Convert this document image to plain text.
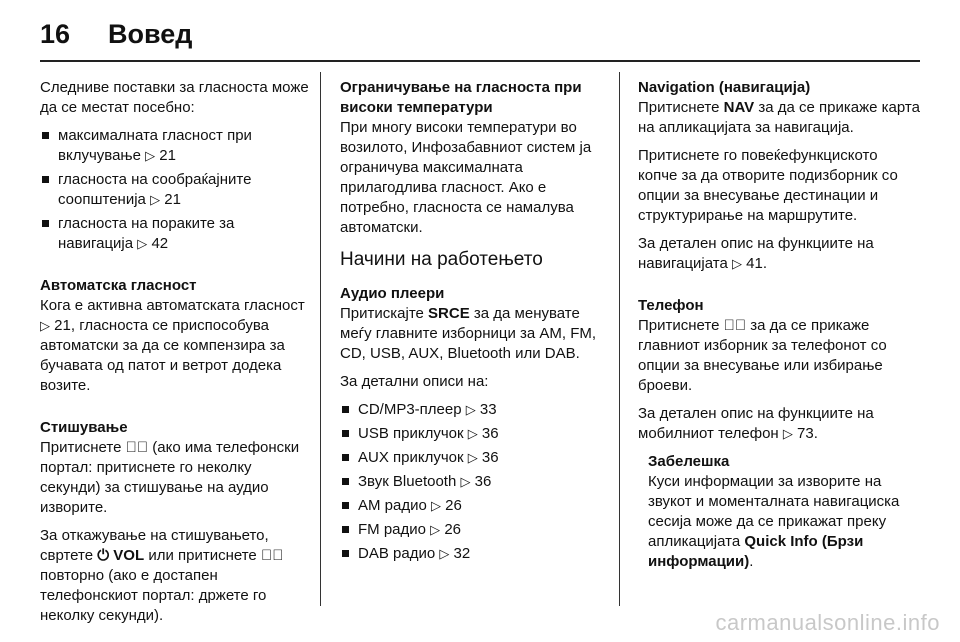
16 Вовед

Следниве поставки за гласноста може да се местат посебно:

максималната гласност при вклучување ▷ 21
гласноста на сообраќајните соопштенија ▷ 21
гласноста на пораките за навигација ▷ 42

Автоматска гласност

Кога е активна автоматската гласност ▷ 21, гласноста се приспособува автоматски за да се компензира за бучавата од патот и ветрот додека возите.

Стишување

Притиснете ✆⃠ (ако има телефонски портал: притиснете го неколку секунди) за стишување на аудио изворите.

За откажување на стишувањето, свртете ⏻ VOL или притиснете ✆⃠ повторно (ако е достапен телефонскиот портал: држете го неколку секунди).

Ограничување на гласноста при високи температури

При многу високи температури во возилото, Инфозабавниот систем ја ограничува максималната прилагодлива гласност. Ако е потребно, гласноста се намалува автоматски.

Начини на работењето

Аудио плеери

Притискајте SRCE за да менувате меѓу главните изборници за AM, FM, CD, USB, AUX, Bluetooth или DAB.

За детални описи на:

CD/MP3-плеер ▷ 33
USB приклучок ▷ 36
AUX приклучок ▷ 36
Звук Bluetooth ▷ 36
AM радио ▷ 26
FM радио ▷ 26
DAB радио ▷ 32

Navigation (навигација)

Притиснете NAV за да се прикаже карта на апликацијата за навигација.

Притиснете го повеќефункциското копче за да отворите подизборник со опции за внесување дестинации и структурирање на маршрутите.

За детален опис на функциите на навигацијата ▷ 41.

Телефон

Притиснете ✆⃠ за да се прикаже главниот изборник за телефонот со опции за внесување или избирање броеви.

За детален опис на функциите на мобилниот телефон ▷ 73.

Забелешка

Куси информации за изворите на звукот и моменталната навигациска сесија може да се прикажат преку апликацијата Quick Info (Брзи информации).

carmanualsonline.info
